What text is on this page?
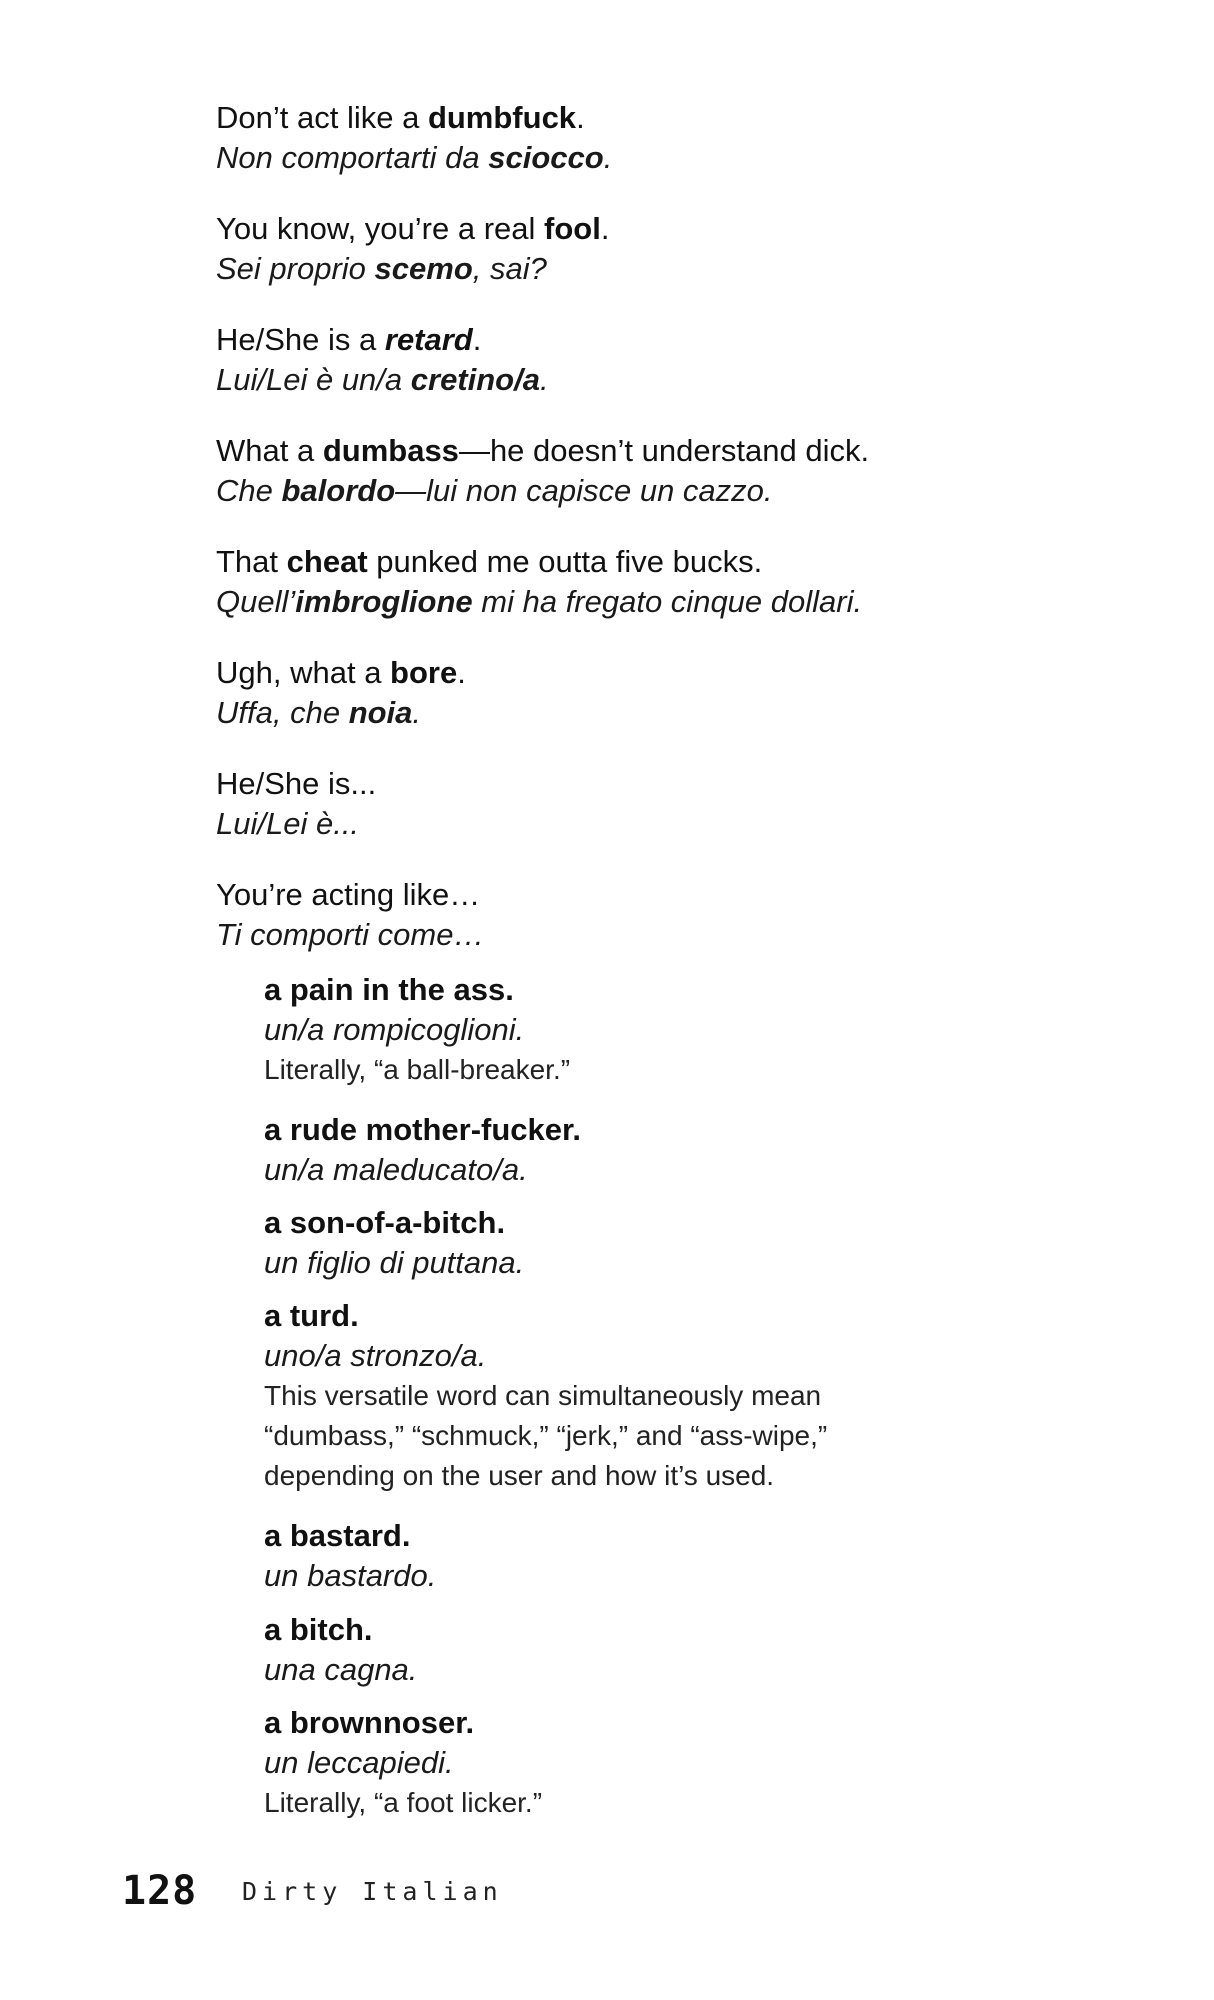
Don’t act like a dumbfuck.
Non comportarti da sciocco.
You know, you’re a real fool.
Sei proprio scemo, sai?
He/She is a retard.
Lui/Lei è un/a cretino/a.
What a dumbass—he doesn’t understand dick.
Che balordo—lui non capisce un cazzo.
That cheat punked me outta five bucks.
Quell’imbroglione mi ha fregato cinque dollari.
Ugh, what a bore.
Uffa, che noia.
He/She is...
Lui/Lei è...
You’re acting like…
Ti comporti come…
a pain in the ass.
un/a rompicoglioni.
Literally, “a ball-breaker.”
a rude mother-fucker.
un/a maleducato/a.
a son-of-a-bitch.
un figlio di puttana.
a turd.
uno/a stronzo/a.
This versatile word can simultaneously mean
“dumbass,” “schmuck,” “jerk,” and “ass-wipe,”
depending on the user and how it’s used.
a bastard.
un bastardo.
a bitch.
una cagna.
a brownnoser.
un leccapiedi.
Literally, “a foot licker.”
128 Dirty Italian
